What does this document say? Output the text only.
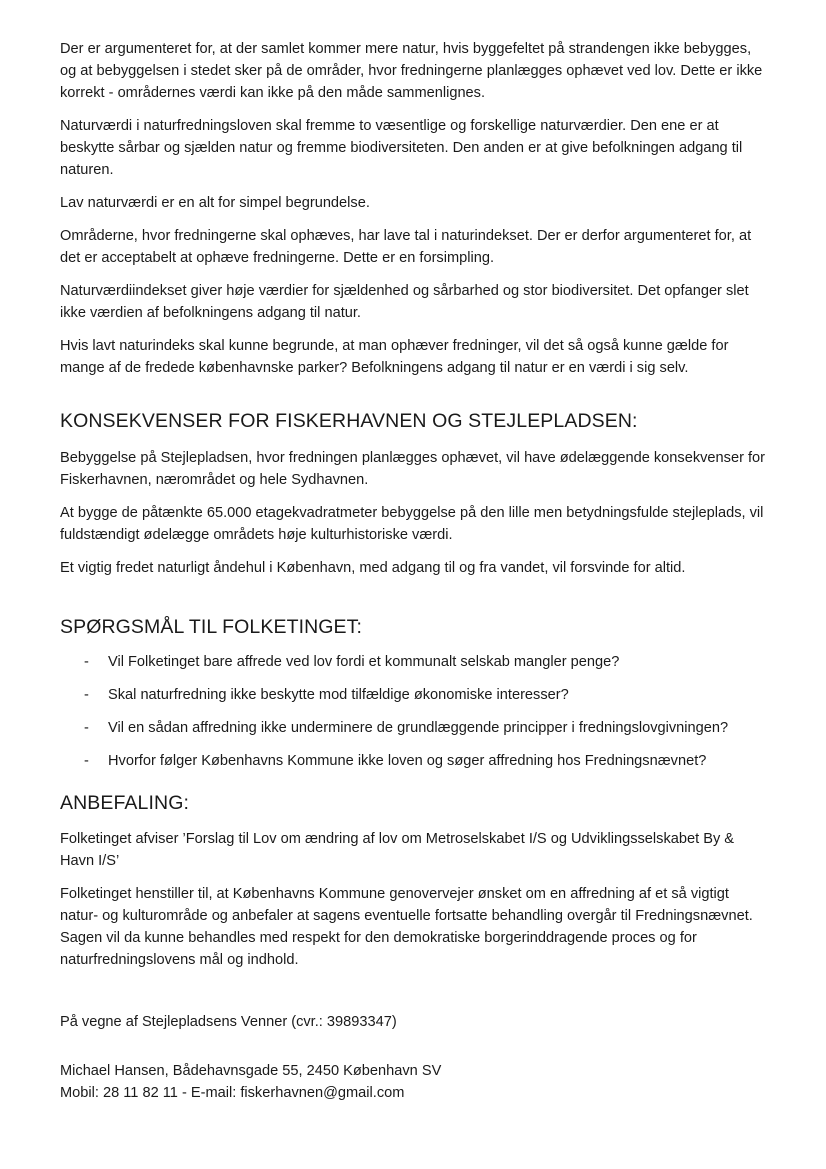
Der er argumenteret for, at der samlet kommer mere natur, hvis byggefeltet på strandengen ikke bebygges, og at bebyggelsen i stedet sker på de områder, hvor fredningerne planlægges ophævet ved lov. Dette er ikke korrekt - områdernes værdi kan ikke på den måde sammenlignes.

Naturværdi i naturfredningsloven skal fremme to væsentlige og forskellige naturværdier. Den ene er at beskytte sårbar og sjælden natur og fremme biodiversiteten. Den anden er at give befolkningen adgang til naturen.

Lav naturværdi er en alt for simpel begrundelse.

Områderne, hvor fredningerne skal ophæves, har lave tal i naturindekset. Der er derfor argumenteret for, at det er acceptabelt at ophæve fredningerne. Dette er en forsimpling.

Naturværdiindekset giver høje værdier for sjældenhed og sårbarhed og stor biodiversitet. Det opfanger slet ikke værdien af befolkningens adgang til natur.

Hvis lavt naturindeks skal kunne begrunde, at man ophæver fredninger, vil det så også kunne gælde for mange af de fredede københavnske parker? Befolkningens adgang til natur er en værdi i sig selv.

KONSEKVENSER FOR FISKERHAVNEN OG STEJLEPLADSEN:

Bebyggelse på Stejlepladsen, hvor fredningen planlægges ophævet, vil have ødelæggende konsekvenser for Fiskerhavnen, nærområdet og hele Sydhavnen.

At bygge de påtænkte 65.000 etagekvadratmeter bebyggelse på den lille men betydningsfulde stejleplads, vil fuldstændigt ødelægge områdets høje kulturhistoriske værdi.

Et vigtig fredet naturligt åndehul i København, med adgang til og fra vandet, vil forsvinde for altid.

SPØRGSMÅL TIL FOLKETINGET:
- Vil Folketinget bare affrede ved lov fordi et kommunalt selskab mangler penge?
- Skal naturfredning ikke beskytte mod tilfældige økonomiske interesser?
- Vil en sådan affredning ikke underminere de grundlæggende principper i fredningslovgivningen?
- Hvorfor følger Københavns Kommune ikke loven og søger affredning hos Fredningsnævnet?
ANBEFALING:

Folketinget afviser ’Forslag til Lov om ændring af lov om Metroselskabet I/S og Udviklingsselskabet By & Havn I/S’

Folketinget henstiller til, at Københavns Kommune genovervejer ønsket om en affredning af et så vigtigt natur- og kulturområde og anbefaler at sagens eventuelle fortsatte behandling overgår til Fredningsnævnet. Sagen vil da kunne behandles med respekt for den demokratiske borgerinddragende proces og for naturfredningslovens mål og indhold.

På vegne af Stejlepladsens Venner (cvr.: 39893347)

Michael Hansen, Bådehavnsgade 55, 2450 København SV

Mobil: 28 11 82 11 - E-mail: fiskerhavnen@gmail.com
